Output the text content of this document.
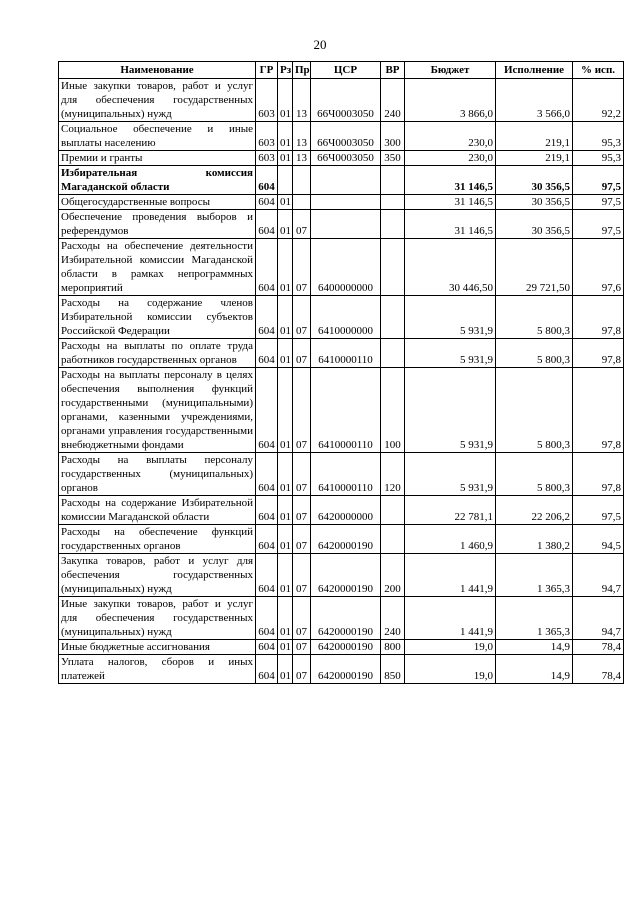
20
Наименование	ГР	Рз	Пр	ЦСР	ВР	Бюджет	Исполнение	% исп.
Иные закупки товаров, работ и услуг для обеспечения государственных (муниципальных) нужд	603	01	13	66Ч0003050	240	3 866,0	3 566,0	92,2
Социальное обеспечение и иные выплаты населению	603	01	13	66Ч0003050	300	230,0	219,1	95,3
Премии и гранты	603	01	13	66Ч0003050	350	230,0	219,1	95,3
Избирательная комиссия Магаданской области	604					31 146,5	30 356,5	97,5
Общегосударственные вопросы	604	01				31 146,5	30 356,5	97,5
Обеспечение проведения выборов и референдумов	604	01	07			31 146,5	30 356,5	97,5
Расходы на обеспечение деятельности Избирательной комиссии Магаданской области в рамках непрограммных мероприятий	604	01	07	6400000000		30 446,50	29 721,50	97,6
Расходы на содержание членов Избирательной комиссии субъектов Российской Федерации	604	01	07	6410000000		5 931,9	5 800,3	97,8
Расходы на выплаты по оплате труда работников государственных органов	604	01	07	6410000110		5 931,9	5 800,3	97,8
Расходы на выплаты персоналу в целях обеспечения выполнения функций государственными (муниципальными) органами, казенными учреждениями, органами управления государственными внебюджетными фондами	604	01	07	6410000110	100	5 931,9	5 800,3	97,8
Расходы на выплаты персоналу государственных (муниципальных) органов	604	01	07	6410000110	120	5 931,9	5 800,3	97,8
Расходы на содержание Избирательной комиссии Магаданской области	604	01	07	6420000000		22 781,1	22 206,2	97,5
Расходы на обеспечение функций государственных органов	604	01	07	6420000190		1 460,9	1 380,2	94,5
Закупка товаров, работ и услуг для обеспечения государственных (муниципальных) нужд	604	01	07	6420000190	200	1 441,9	1 365,3	94,7
Иные закупки товаров, работ и услуг для обеспечения государственных (муниципальных) нужд	604	01	07	6420000190	240	1 441,9	1 365,3	94,7
Иные бюджетные ассигнования	604	01	07	6420000190	800	19,0	14,9	78,4
Уплата налогов, сборов и иных платежей	604	01	07	6420000190	850	19,0	14,9	78,4
